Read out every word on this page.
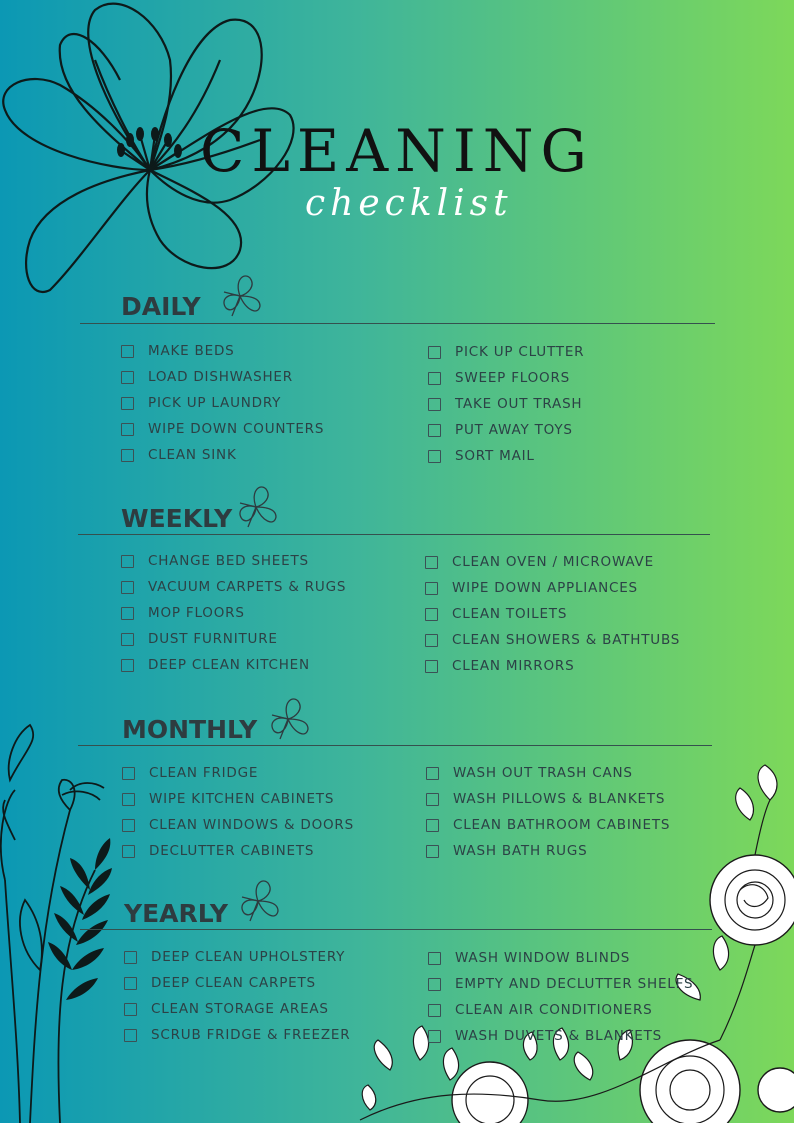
CLEANING
checklist
DAILY
MAKE BEDS
LOAD DISHWASHER
PICK UP LAUNDRY
WIPE DOWN COUNTERS
CLEAN SINK
PICK UP CLUTTER
SWEEP FLOORS
TAKE OUT TRASH
PUT AWAY TOYS
SORT MAIL
WEEKLY
CHANGE BED SHEETS
VACUUM CARPETS & RUGS
MOP FLOORS
DUST FURNITURE
DEEP CLEAN KITCHEN
CLEAN OVEN / MICROWAVE
WIPE DOWN APPLIANCES
CLEAN TOILETS
CLEAN SHOWERS & BATHTUBS
CLEAN MIRRORS
MONTHLY
CLEAN FRIDGE
WIPE KITCHEN CABINETS
CLEAN WINDOWS & DOORS
DECLUTTER CABINETS
WASH OUT TRASH CANS
WASH PILLOWS & BLANKETS
CLEAN BATHROOM CABINETS
WASH BATH RUGS
YEARLY
DEEP CLEAN UPHOLSTERY
DEEP CLEAN CARPETS
CLEAN STORAGE AREAS
SCRUB FRIDGE & FREEZER
WASH WINDOW BLINDS
EMPTY AND DECLUTTER SHELFS
CLEAN AIR CONDITIONERS
WASH DUVETS & BLANKETS
